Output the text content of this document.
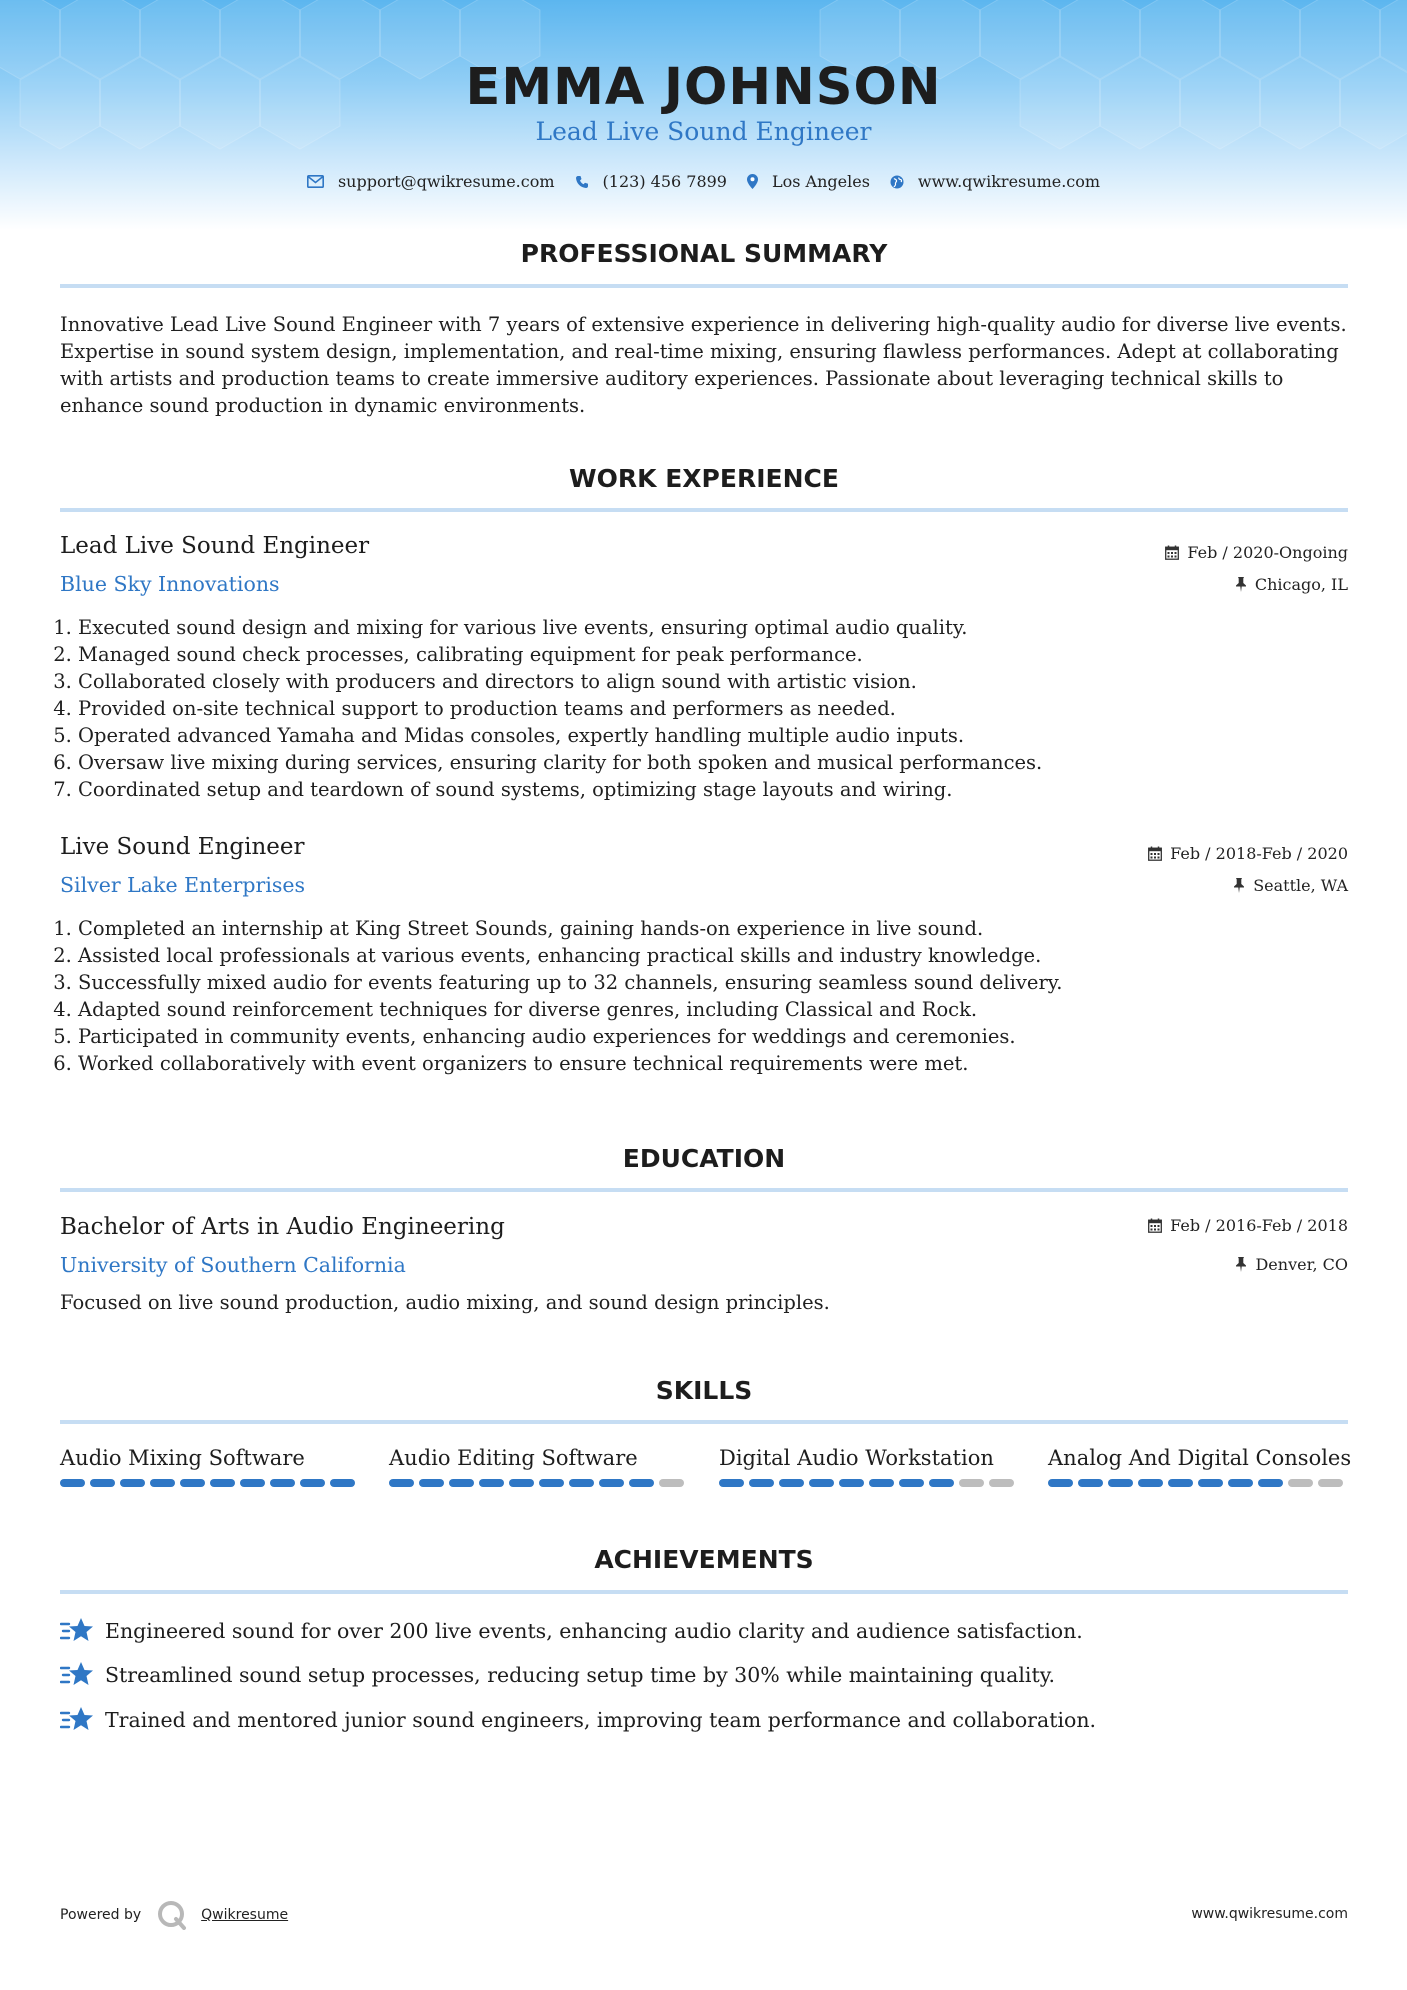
EMMA JOHNSON
Lead Live Sound Engineer
support@qwikresume.com	(123) 456 7899	Los Angeles	www.qwikresume.com
PROFESSIONAL SUMMARY
Innovative Lead Live Sound Engineer with 7 years of extensive experience in delivering high-quality audio for diverse live events. Expertise in sound system design, implementation, and real-time mixing, ensuring flawless performances. Adept at collaborating with artists and production teams to create immersive auditory experiences. Passionate about leveraging technical skills to enhance sound production in dynamic environments.
WORK EXPERIENCE
Lead Live Sound Engineer
Blue Sky Innovations
Feb / 2020-Ongoing
Chicago, IL
1. Executed sound design and mixing for various live events, ensuring optimal audio quality.
2. Managed sound check processes, calibrating equipment for peak performance.
3. Collaborated closely with producers and directors to align sound with artistic vision.
4. Provided on-site technical support to production teams and performers as needed.
5. Operated advanced Yamaha and Midas consoles, expertly handling multiple audio inputs.
6. Oversaw live mixing during services, ensuring clarity for both spoken and musical performances.
7. Coordinated setup and teardown of sound systems, optimizing stage layouts and wiring.
Live Sound Engineer
Silver Lake Enterprises
Feb / 2018-Feb / 2020
Seattle, WA
1. Completed an internship at King Street Sounds, gaining hands-on experience in live sound.
2. Assisted local professionals at various events, enhancing practical skills and industry knowledge.
3. Successfully mixed audio for events featuring up to 32 channels, ensuring seamless sound delivery.
4. Adapted sound reinforcement techniques for diverse genres, including Classical and Rock.
5. Participated in community events, enhancing audio experiences for weddings and ceremonies.
6. Worked collaboratively with event organizers to ensure technical requirements were met.
EDUCATION
Bachelor of Arts in Audio Engineering
University of Southern California
Feb / 2016-Feb / 2018
Denver, CO
Focused on live sound production, audio mixing, and sound design principles.
SKILLS
Audio Mixing Software	Audio Editing Software	Digital Audio Workstation	Analog And Digital Consoles
ACHIEVEMENTS
Engineered sound for over 200 live events, enhancing audio clarity and audience satisfaction.
Streamlined sound setup processes, reducing setup time by 30% while maintaining quality.
Trained and mentored junior sound engineers, improving team performance and collaboration.
Powered by	Qwikresume	www.qwikresume.com
